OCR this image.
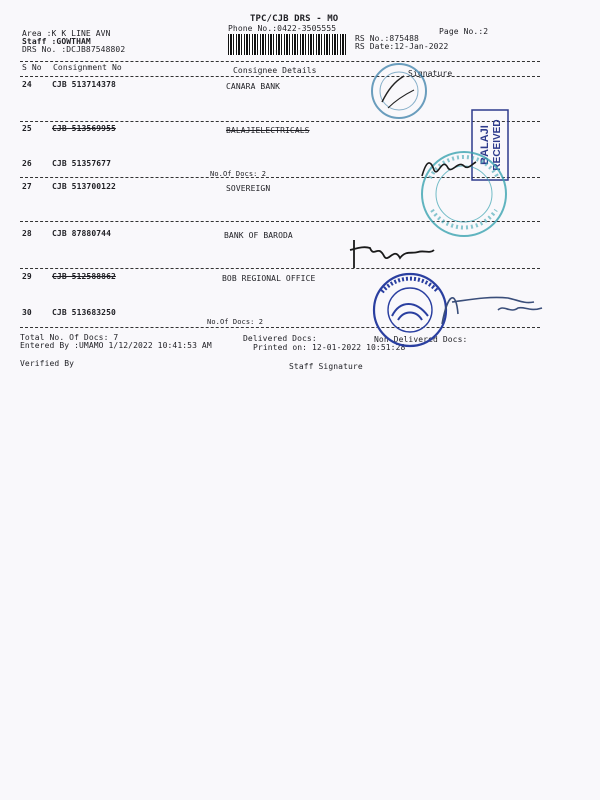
TPC/CJB DRS - MO
Phone No.:0422-3505555	Page No.:2
Area :K K LINE AVN
Staff :GOWTHAM
DRS No. :DCJB87548802
RS No.:875488
RS Date:12-Jan-2022
S No Consignment No	Consignee Details	Signature
24	CJB 513714378	CANARA BANK
25	CJB 513569955	BALAJIELECTRICALS
26	CJB 51357677
No.Of Docs: 2
27	CJB 513700122	SOVEREIGN
28	CJB 87880744	BANK OF BARODA
29	CJB 512588862	BOB REGIONAL OFFICE
30	CJB 513683250
No.Of Docs: 2
Total No. Of Docs: 7	Delivered Docs:	Non Delivered Docs:
Entered By :UMAMO 1/12/2022 10:41:53 AM	Printed on: 12-01-2022 10:51:28
Verified By	Staff Signature
BALAJI RECEIVED
